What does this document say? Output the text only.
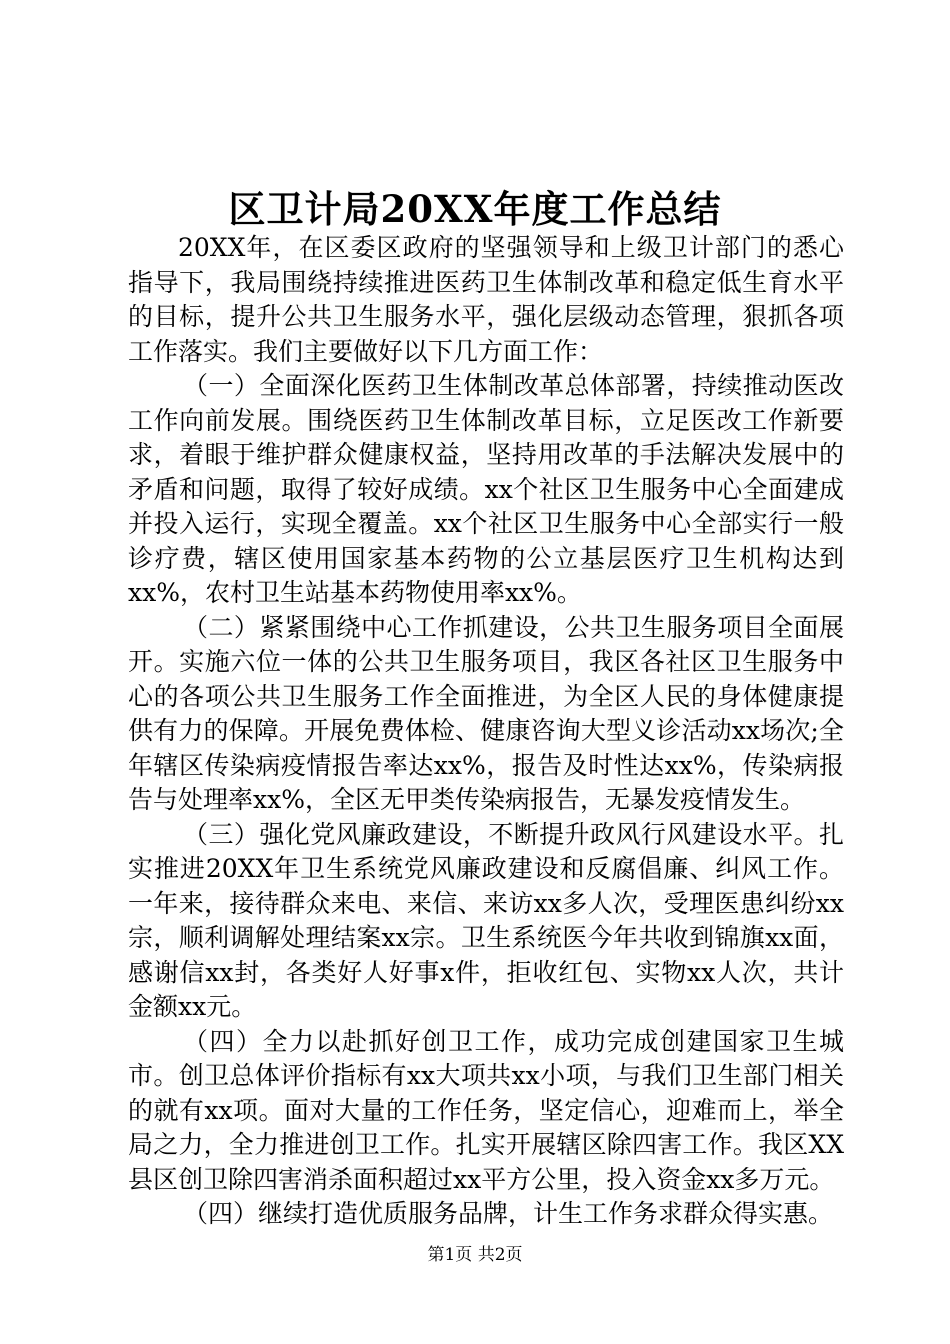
区卫计局20XX年度工作总结

20XX年，在区委区政府的坚强领导和上级卫计部门的悉心指导下，我局围绕持续推进医药卫生体制改革和稳定低生育水平的目标，提升公共卫生服务水平，强化层级动态管理，狠抓各项工作落实。我们主要做好以下几方面工作：

（一）全面深化医药卫生体制改革总体部署，持续推动医改工作向前发展。围绕医药卫生体制改革目标，立足医改工作新要求，着眼于维护群众健康权益，坚持用改革的手法解决发展中的矛盾和问题，取得了较好成绩。xx个社区卫生服务中心全面建成并投入运行，实现全覆盖。xx个社区卫生服务中心全部实行一般诊疗费，辖区使用国家基本药物的公立基层医疗卫生机构达到xx%，农村卫生站基本药物使用率xx%。

（二）紧紧围绕中心工作抓建设，公共卫生服务项目全面展开。实施六位一体的公共卫生服务项目，我区各社区卫生服务中心的各项公共卫生服务工作全面推进，为全区人民的身体健康提供有力的保障。开展免费体检、健康咨询大型义诊活动xx场次;全年辖区传染病疫情报告率达xx%，报告及时性达xx%，传染病报告与处理率xx%，全区无甲类传染病报告，无暴发疫情发生。

（三）强化党风廉政建设，不断提升政风行风建设水平。扎实推进20XX年卫生系统党风廉政建设和反腐倡廉、纠风工作。一年来，接待群众来电、来信、来访xx多人次，受理医患纠纷xx宗，顺利调解处理结案xx宗。卫生系统医今年共收到锦旗xx面，感谢信xx封，各类好人好事x件，拒收红包、实物xx人次，共计金额xx元。

（四）全力以赴抓好创卫工作，成功完成创建国家卫生城市。创卫总体评价指标有xx大项共xx小项，与我们卫生部门相关的就有xx项。面对大量的工作任务，坚定信心，迎难而上，举全局之力，全力推进创卫工作。扎实开展辖区除四害工作。我区XX县区创卫除四害消杀面积超过xx平方公里，投入资金xx多万元。

（四）继续打造优质服务品牌，计生工作务求群众得实惠。

第1页 共2页
